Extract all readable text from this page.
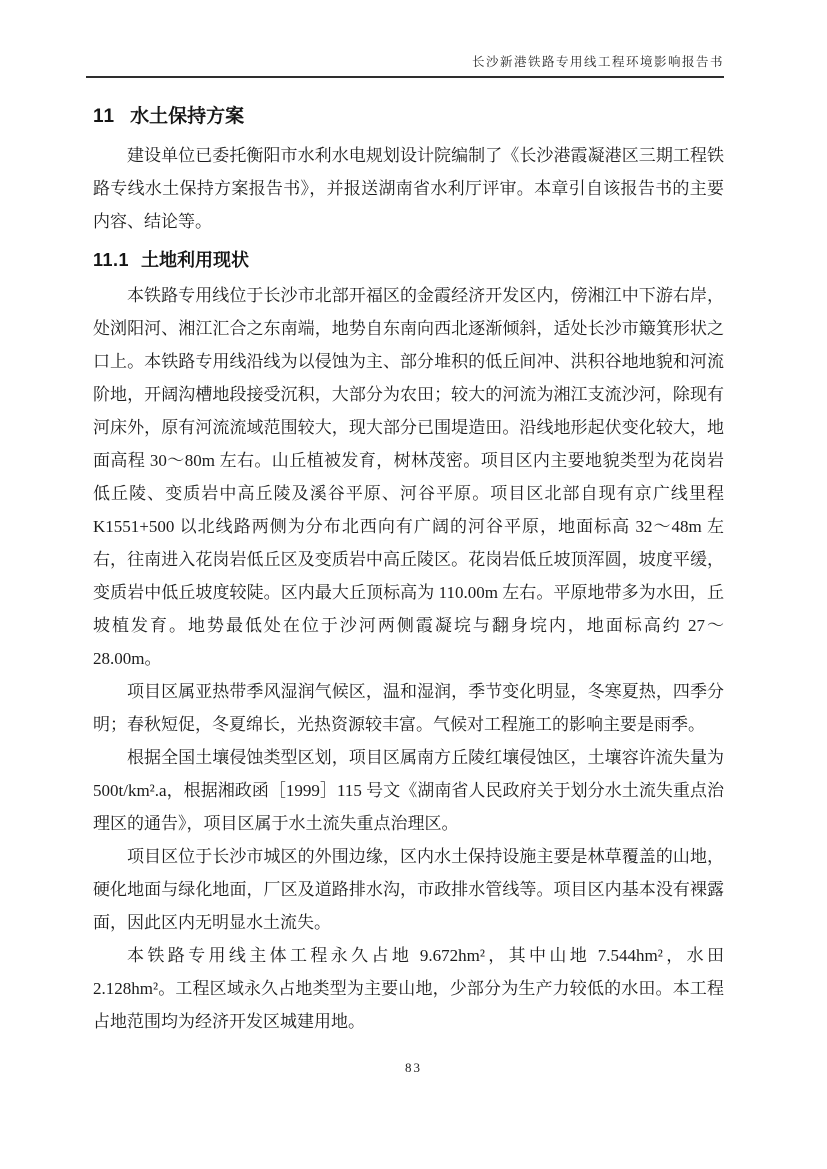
长沙新港铁路专用线工程环境影响报告书
11 水土保持方案

建设单位已委托衡阳市水利水电规划设计院编制了《长沙港霞凝港区三期工程铁路专线水土保持方案报告书》，并报送湖南省水利厅评审。本章引自该报告书的主要内容、结论等。

11.1 土地利用现状

本铁路专用线位于长沙市北部开福区的金霞经济开发区内，傍湘江中下游右岸，处浏阳河、湘江汇合之东南端，地势自东南向西北逐渐倾斜，适处长沙市簸箕形状之口上。本铁路专用线沿线为以侵蚀为主、部分堆积的低丘间冲、洪积谷地地貌和河流阶地，开阔沟槽地段接受沉积，大部分为农田；较大的河流为湘江支流沙河，除现有河床外，原有河流流域范围较大，现大部分已围堤造田。沿线地形起伏变化较大，地面高程 30～80m 左右。山丘植被发育，树林茂密。项目区内主要地貌类型为花岗岩低丘陵、变质岩中高丘陵及溪谷平原、河谷平原。项目区北部自现有京广线里程 K1551+500 以北线路两侧为分布北西向有广阔的河谷平原，地面标高 32～48m 左右，往南进入花岗岩低丘区及变质岩中高丘陵区。花岗岩低丘坡顶浑圆，坡度平缓，变质岩中低丘坡度较陡。区内最大丘顶标高为 110.00m 左右。平原地带多为水田，丘坡植发育。地势最低处在位于沙河两侧霞凝垸与翻身垸内，地面标高约 27～28.00m。

项目区属亚热带季风湿润气候区，温和湿润，季节变化明显，冬寒夏热，四季分明；春秋短促，冬夏绵长，光热资源较丰富。气候对工程施工的影响主要是雨季。

根据全国土壤侵蚀类型区划，项目区属南方丘陵红壤侵蚀区，土壤容许流失量为 500t/km².a，根据湘政函［1999］115 号文《湖南省人民政府关于划分水土流失重点治理区的通告》，项目区属于水土流失重点治理区。

项目区位于长沙市城区的外围边缘，区内水土保持设施主要是林草覆盖的山地，硬化地面与绿化地面，厂区及道路排水沟，市政排水管线等。项目区内基本没有裸露面，因此区内无明显水土流失。

本铁路专用线主体工程永久占地 9.672hm²，其中山地 7.544hm²，水田 2.128hm²。工程区域永久占地类型为主要山地，少部分为生产力较低的水田。本工程占地范围均为经济开发区城建用地。

83
